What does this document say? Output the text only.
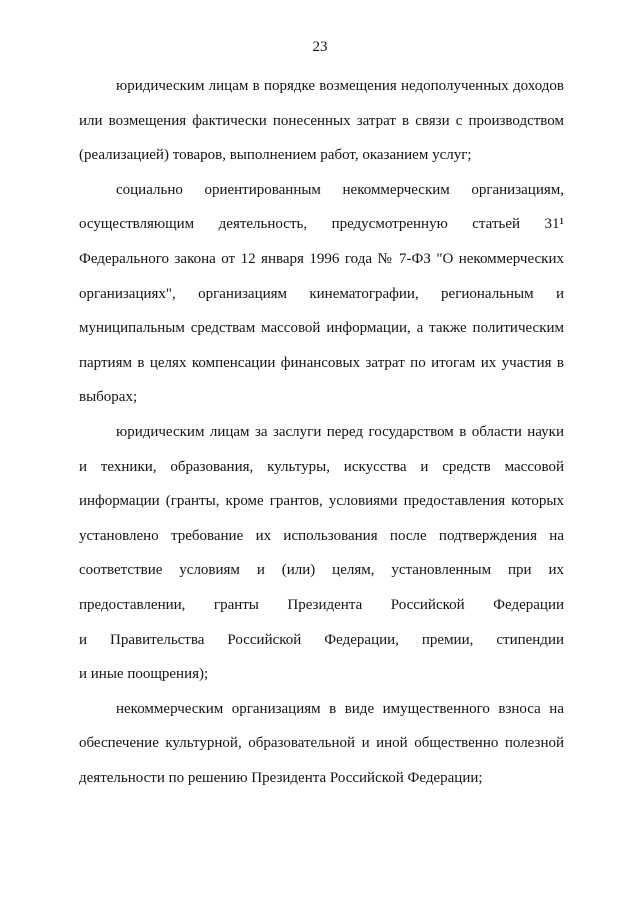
23
юридическим лицам в порядке возмещения недополученных доходов
или возмещения фактически понесенных затрат в связи с производством
(реализацией) товаров, выполнением работ, оказанием услуг;
социально ориентированным некоммерческим организациям,
осуществляющим деятельность, предусмотренную статьей 31¹
Федерального закона от 12 января 1996 года № 7-ФЗ "О некоммерческих
организациях", организациям кинематографии, региональным и
муниципальным средствам массовой информации, а также политическим
партиям в целях компенсации финансовых затрат по итогам их участия в
выборах;
юридическим лицам за заслуги перед государством в области науки
и техники, образования, культуры, искусства и средств массовой
информации (гранты, кроме грантов, условиями предоставления которых
установлено требование их использования после подтверждения на
соответствие условиям и (или) целям, установленным при их
предоставлении, гранты Президента Российской Федерации
и Правительства Российской Федерации, премии, стипендии
и иные поощрения);
некоммерческим организациям в виде имущественного взноса на
обеспечение культурной, образовательной и иной общественно полезной
деятельности по решению Президента Российской Федерации;
